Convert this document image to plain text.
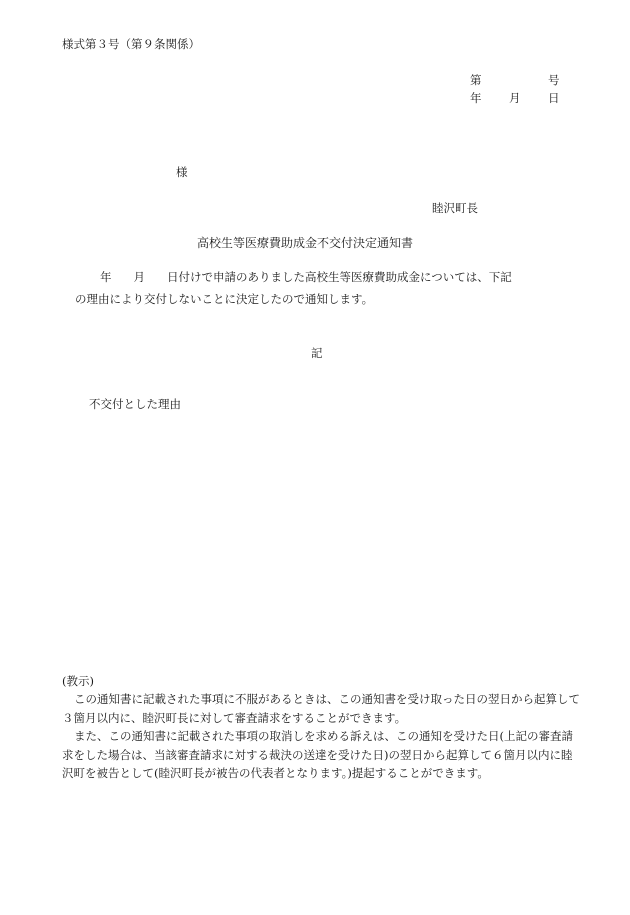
様式第３号（第９条関係）
第	号
年 月 日
様
睦沢町長
高校生等医療費助成金不交付決定通知書
年 月 日付けで申請のありました高校生等医療費助成金については、下記
の理由により交付しないことに決定したので通知します。
記
不交付とした理由
(教示)

この通知書に記載された事項に不服があるときは、この通知書を受け取った日の翌日から起算して３箇月以内に、睦沢町長に対して審査請求をすることができます。

また、この通知書に記載された事項の取消しを求める訴えは、この通知を受けた日(上記の審査請求をした場合は、当該審査請求に対する裁決の送達を受けた日)の翌日から起算して６箇月以内に睦沢町を被告として(睦沢町長が被告の代表者となります。)提起することができます。
